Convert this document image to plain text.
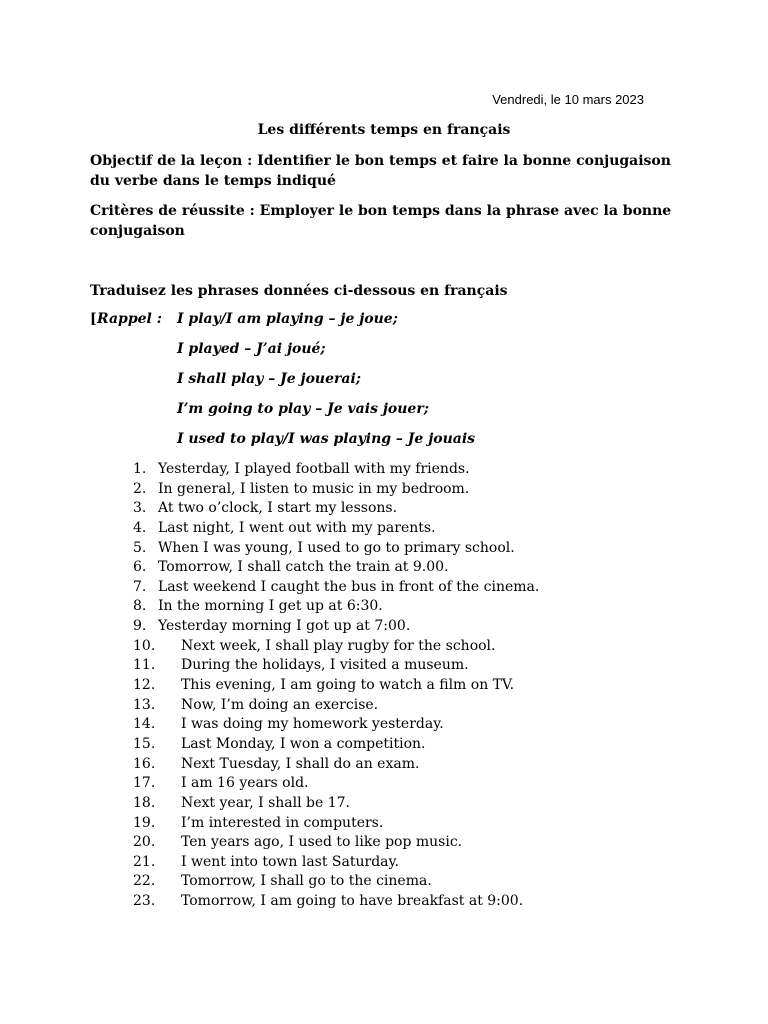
Vendredi, le 10 mars 2023
Les différents temps en français

Objectif de la leçon : Identifier le bon temps et faire la bonne conjugaison du verbe dans le temps indiqué

Critères de réussite : Employer le bon temps dans la phrase avec la bonne conjugaison

Traduisez les phrases données ci-dessous en français

[ Rappel : I play/I am playing – je joue;
I played – J’ai joué;
I shall play – Je jouerai;
I’m going to play – Je vais jouer;
I used to play/I was playing – Je jouais
1. Yesterday, I played football with my friends.
2. In general, I listen to music in my bedroom.
3. At two o’clock, I start my lessons.
4. Last night, I went out with my parents.
5. When I was young, I used to go to primary school.
6. Tomorrow, I shall catch the train at 9.00.
7. Last weekend I caught the bus in front of the cinema.
8. In the morning I get up at 6:30.
9. Yesterday morning I got up at 7:00.
10. Next week, I shall play rugby for the school.
11. During the holidays, I visited a museum.
12. This evening, I am going to watch a film on TV.
13. Now, I’m doing an exercise.
14. I was doing my homework yesterday.
15. Last Monday, I won a competition.
16. Next Tuesday, I shall do an exam.
17. I am 16 years old.
18. Next year, I shall be 17.
19. I’m interested in computers.
20. Ten years ago, I used to like pop music.
21. I went into town last Saturday.
22. Tomorrow, I shall go to the cinema.
23. Tomorrow, I am going to have breakfast at 9:00.
